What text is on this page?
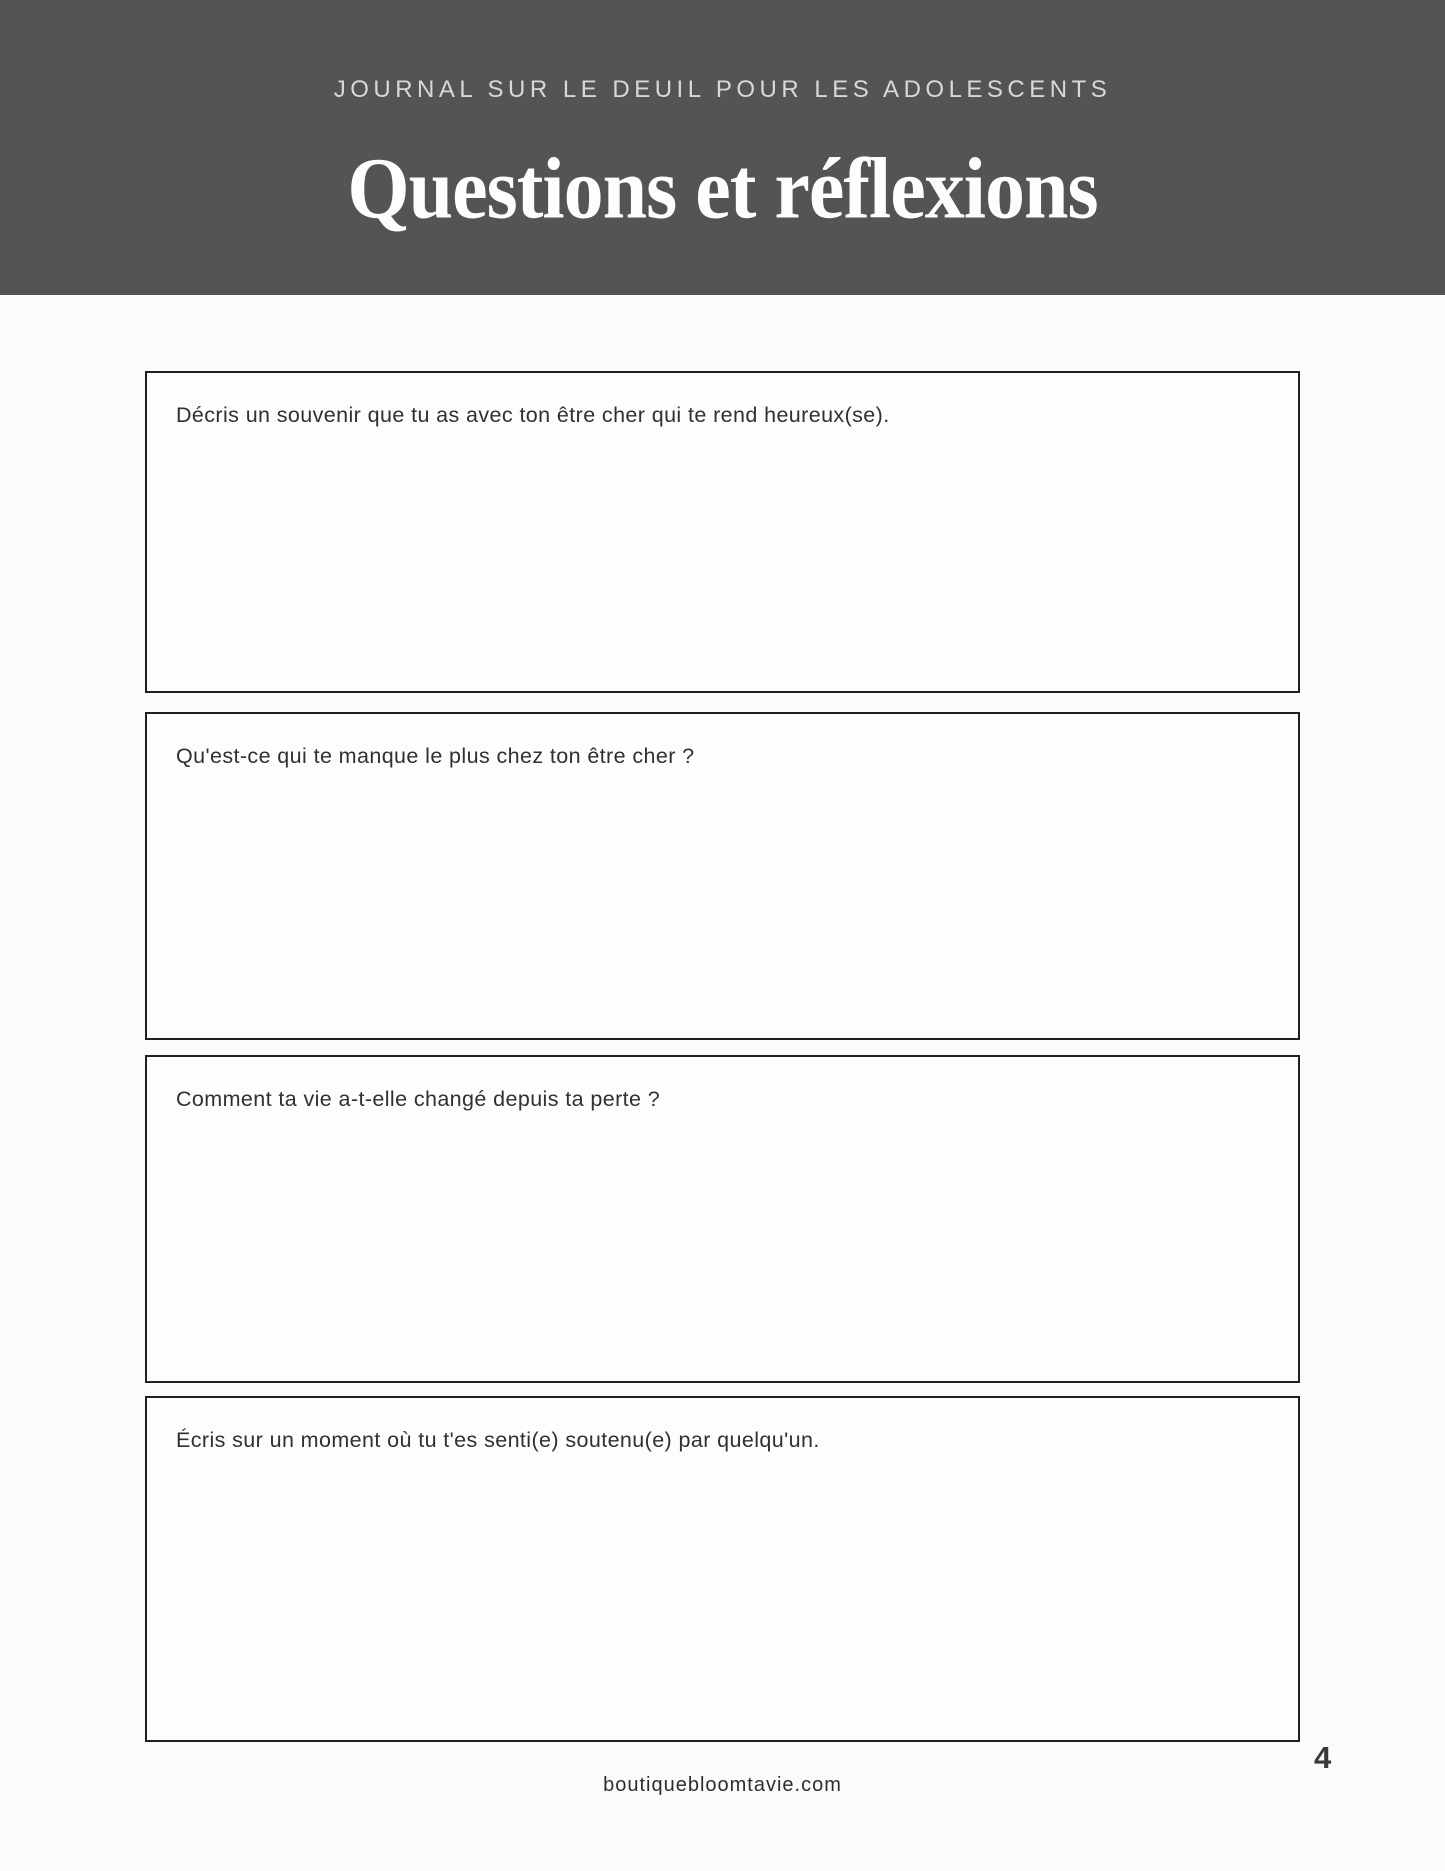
JOURNAL SUR LE DEUIL POUR LES ADOLESCENTS
Questions et réflexions

Décris un souvenir que tu as avec ton être cher qui te rend heureux(se).

Qu'est-ce qui te manque le plus chez ton être cher ?

Comment ta vie a-t-elle changé depuis ta perte ?

Écris sur un moment où tu t'es senti(e) soutenu(e) par quelqu'un.

4
boutiquebloomtavie.com
